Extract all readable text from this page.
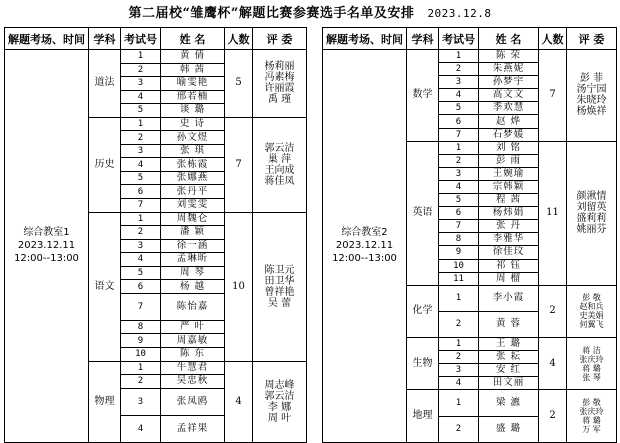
第二届校“雏鹰杯”解题比赛参赛选手名单及安排 2023.12.8
解题考场、时间	学科	考试号	姓 名	人数	评 委

综合教室1
2023.12.11
12:00--13:00	道法	1	黄 倩	5	杨莉丽
冯素梅
许丽霞
禹 瑾

		2	韩 茜		
		3	喻雯艳		
		4	邢若楠		
		5	谈 璐		
	历史	1	史 诗	7	郭云洁
巢 萍
王向成
蒋佳凤

		2	孙文煜		
		3	张 琪		
		4	张栋霞		
		5	张娜燕		
		6	张丹平		
		7	刘雯雯		
	语文	1	周魏仑	10	陈卫元
田卫华
曾祥艳
吴 蕾

		2	潘 颖		
		3	徐一涵		
		4	孟琳昕		
		5	周 琴		
		6	杨 越		
		7	陈怡嘉		
		8	严 叶		
		9	周嘉敏		
		10	陈 东		
	物理	1	牛慧君	4	周志峰
郭云洁
李 娜
周 叶

		2	吴忠秋		
		3	张凤鸥		
		4	孟祥果		
解题考场、时间	学科	考试号	姓 名	人数	评 委

综合教室2
2023.12.11
12:00--13:00	数学	1	陈 荣	7	彭 菲
汤宁园
朱晓玲
杨焕祥

		2	朱燕妮		
		3	孙梦宇		
		4	高文文		
		5	季欢慧		
		6	赵 烨		
		7	石梦媛		
	英语	1	刘 铭	11	颜湫情
刘留英
盛莉莉
姚丽芬

		2	彭 雨		
		3	王婉瑜		
		4	宗韩颖		
		5	程 茜		
		6	杨炜娟		
		7	张 丹		
		8	李雅华		
		9	徐佳玟		
		10	祁 钰		
		11	周 榴		
	化学	1	李小霞	2	彭 敬
赵和兵
史美娟
何翼飞

		2	黄 蓉		
	生物	1	王 璐	4	蒋 洁
张庆玲
蒋 璐
张 琴

		2	张 耘		
		3	安 红		
		4	田文丽		
	地理	1	梁 瀌	2	彭 敬
张庆玲
蒋 璐
万 军

		2	盛 璐		
